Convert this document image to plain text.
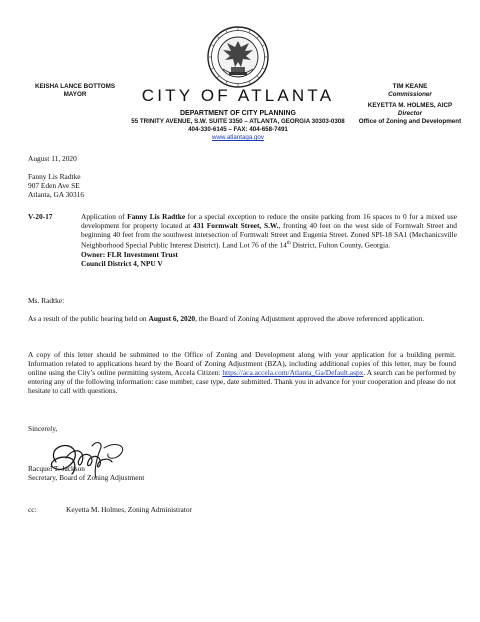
KEISHA LANCE BOTTOMS
MAYOR	CITY OF ATLANTA	TIM KEANE
Commissioner
KEYETTA M. HOLMES, AICP
Director
Office of Zoning and Development
DEPARTMENT OF CITY PLANNING
55 TRINITY AVENUE, S.W. SUITE 3350 – ATLANTA, GEORGIA 30303-0308
404-330-6145 – FAX: 404-658-7491
www.atlantaga.gov
August 11, 2020
Fanny Lis Radtke
907 Eden Ave SE
Atlanta, GA 30316
V-20-17	Application of Fanny Lis Radtke for a special exception to reduce the onsite parking from 16 spaces to 0 for a mixed use development for property located at 431 Formwalt Street, S.W., fronting 40 feet on the west side of Formwalt Street and beginning 40 feet from the southwest intersection of Formwalt Street and Eugenia Street. Zoned SPI-18 SA1 (Mechanicsville Neighborhood Special Public Interest District). Land Lot 76 of the 14th District, Fulton County, Georgia.
Owner: FLR Investment Trust
Council District 4, NPU V
Ms. Radtke:
As a result of the public hearing held on August 6, 2020, the Board of Zoning Adjustment approved the above referenced application.
A copy of this letter should be submitted to the Office of Zoning and Development along with your application for a building permit. Information related to applications heard by the Board of Zoning Adjustment (BZA), including additional copies of this letter, may be found online using the City’s online permitting system, Accela Citizen: https://aca.accela.com/Atlanta_Ga/Default.aspx. A search can be performed by entering any of the following information: case number, case type, date submitted. Thank you in advance for your cooperation and please do not hesitate to call with questions.
Sincerely,
Racquel T. Jackson
Secretary, Board of Zoning Adjustment
cc:	Keyetta M. Holmes, Zoning Administrator
